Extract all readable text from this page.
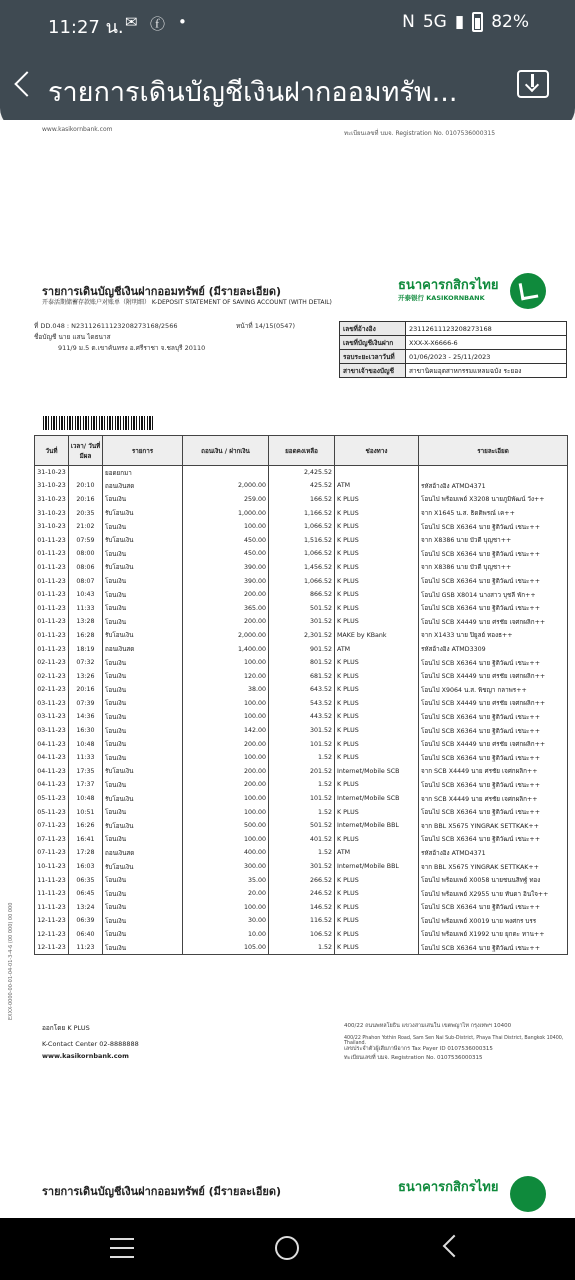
11:27 น. ✉ ⓕ •	N 5G ▮ 82%
รายการเดินบัญชีเงินฝากออมทรัพ...
www.kasikornbank.com
ทะเบียนเลขที่ บมจ. Registration No. 0107536000315
รายการเดินบัญชีเงินฝากออมทรัพย์ (มีรายละเอียด)
开泰活期储蓄存款账户对账单（附明细） K-DEPOSIT STATEMENT OF SAVING ACCOUNT (WITH DETAIL)
ธนาคารกสิกรไทย
开泰银行 KASIKORNBANK
ที่ DD.048 : N231126111232082731​68/2566	หน้าที่ 14/15(0547)
ชื่อบัญชี นาย แสน ไดธนาส
911/9 ม.5 ต.เขาคันทรง อ.ศรีราชา จ.ชลบุรี 20110
เลขที่อ้างอิง	231126111232082731​68
เลขที่บัญชีเงินฝาก	XXX-X-X6666-6
รอบระยะเวลาวันที่	01/06/2023 - 25/11/2023
สาขาเจ้าของบัญชี	สาขานิคมอุตสาหกรรมแหลมฉบัง ระยอง
วันที่	เวลา/ วันที่มีผล	รายการ	ถอนเงิน / ฝากเงิน	ยอดคงเหลือ	ช่องทาง	รายละเอียด
31-10-23		ยอดยกมา		2,425.52		
31-10-23	20:10	ถอนเงินสด	2,000.00	425.52	ATM	รหัสอ้างอิง ATMD4371
31-10-23	20:16	โอนเงิน	259.00	166.52	K PLUS	โอนไป พร้อมเพย์ X3208 นายภูมิพัฒน์ วัง++
31-10-23	20:35	รับโอนเงิน	1,000.00	1,166.52	K PLUS	จาก X1645 น.ส. ธิดติพรณ์ เค++
31-10-23	21:02	โอนเงิน	100.00	1,066.52	K PLUS	โอนไป SCB X6364 นาย ฐิติวัฒน์ เชนะ++
01-11-23	07:59	รับโอนเงิน	450.00	1,516.52	K PLUS	จาก X8386 นาย บัวดี บุญชา++
01-11-23	08:00	โอนเงิน	450.00	1,066.52	K PLUS	โอนไป SCB X6364 นาย ฐิติวัฒน์ เชนะ++
01-11-23	08:06	รับโอนเงิน	390.00	1,456.52	K PLUS	จาก X8386 นาย บัวดี บุญชา++
01-11-23	08:07	โอนเงิน	390.00	1,066.52	K PLUS	โอนไป SCB X6364 นาย ฐิติวัฒน์ เชนะ++
01-11-23	10:43	โอนเงิน	200.00	866.52	K PLUS	โอนไป GSB X8014 นางสาว บุชลี พัก++
01-11-23	11:33	โอนเงิน	365.00	501.52	K PLUS	โอนไป SCB X6364 นาย ฐิติวัฒน์ เชนะ++
01-11-23	13:28	โอนเงิน	200.00	301.52	K PLUS	โอนไป SCB X4449 นาย ศรชัย เจศกผลิก++
01-11-23	16:28	รับโอนเงิน	2,000.00	2,301.52	MAKE by KBank	จาก X1433 นาย ปิยูลย์ ทองธ++
01-11-23	18:19	ถอนเงินสด	1,400.00	901.52	ATM	รหัสอ้างอิง ATMD3309
02-11-23	07:32	โอนเงิน	100.00	801.52	K PLUS	โอนไป SCB X6364 นาย ฐิติวัฒน์ เชนะ++
02-11-23	13:26	โอนเงิน	120.00	681.52	K PLUS	โอนไป SCB X4449 นาย ศรชัย เจศกผลิก++
02-11-23	20:16	โอนเงิน	38.00	643.52	K PLUS	โอนไป X9064 น.ส. พิชญา กลาพร++
03-11-23	07:39	โอนเงิน	100.00	543.52	K PLUS	โอนไป SCB X4449 นาย ศรชัย เจศกผลิก++
03-11-23	14:36	โอนเงิน	100.00	443.52	K PLUS	โอนไป SCB X6364 นาย ฐิติวัฒน์ เชนะ++
03-11-23	16:30	โอนเงิน	142.00	301.52	K PLUS	โอนไป SCB X6364 นาย ฐิติวัฒน์ เชนะ++
04-11-23	10:48	โอนเงิน	200.00	101.52	K PLUS	โอนไป SCB X4449 นาย ศรชัย เจศกผลิก++
04-11-23	11:33	โอนเงิน	100.00	1.52	K PLUS	โอนไป SCB X6364 นาย ฐิติวัฒน์ เชนะ++
04-11-23	17:35	รับโอนเงิน	200.00	201.52	Internet/Mobile SCB	จาก SCB X4449 นาย ศรชัย เจศกผลิก++
04-11-23	17:37	โอนเงิน	200.00	1.52	K PLUS	โอนไป SCB X6364 นาย ฐิติวัฒน์ เชนะ++
05-11-23	10:48	รับโอนเงิน	100.00	101.52	Internet/Mobile SCB	จาก SCB X4449 นาย ศรชัย เจศกผลิก++
05-11-23	10:51	โอนเงิน	100.00	1.52	K PLUS	โอนไป SCB X6364 นาย ฐิติวัฒน์ เชนะ++
07-11-23	16:26	รับโอนเงิน	500.00	501.52	Internet/Mobile BBL	จาก BBL X5675 YINGRAK SETTKAK++
07-11-23	16:41	โอนเงิน	100.00	401.52	K PLUS	โอนไป SCB X6364 นาย ฐิติวัฒน์ เชนะ++
07-11-23	17:28	ถอนเงินสด	400.00	1.52	ATM	รหัสอ้างอิง ATMD4371
10-11-23	16:03	รับโอนเงิน	300.00	301.52	Internet/Mobile BBL	จาก BBL X5675 YINGRAK SETTKAK++
11-11-23	06:35	โอนเงิน	35.00	266.52	K PLUS	โอนไป พร้อมเพย์ X0058 นายชนนสิทฐ์ ทอง
11-11-23	06:45	โอนเงิน	20.00	246.52	K PLUS	โอนไป พร้อมเพย์ X2955 นาย ทันดา อินใจ++
11-11-23	13:24	โอนเงิน	100.00	146.52	K PLUS	โอนไป SCB X6364 นาย ฐิติวัฒน์ เชนะ++
12-11-23	06:39	โอนเงิน	30.00	116.52	K PLUS	โอนไป พร้อมเพย์ X0019 นาย พงศกร บรร
12-11-23	06:40	โอนเงิน	10.00	106.52	K PLUS	โอนไป พร้อมเพย์ X1992 นาย ยุกตะ ทาน++
12-11-23	11:23	โอนเงิน	105.00	1.52	K PLUS	โอนไป SCB X6364 นาย ฐิติวัฒน์ เชนะ++
EXXX-0000-00-01-04-01-3-4-6 (00 000) 00 000
ออกโดย K PLUS
K-Contact Center 02-8888888
www.kasikornbank.com
400/22 ถนนพหลโยธิน แขวงสามเสนใน เขตพญาไท กรุงเทพฯ 10400
400/22 Phahon Yothin Road, Sam Sen Nai Sub-District, Phaya Thai District, Bangkok 10400, Thailand.
เลขประจำตัวผู้เสียภาษีอากร Tax Payer ID 0107536000315
ทะเบียนเลขที่ บมจ. Registration No. 0107536000315
รายการเดินบัญชีเงินฝากออมทรัพย์ (มีรายละเอียด)	ธนาคารกสิกรไทย
